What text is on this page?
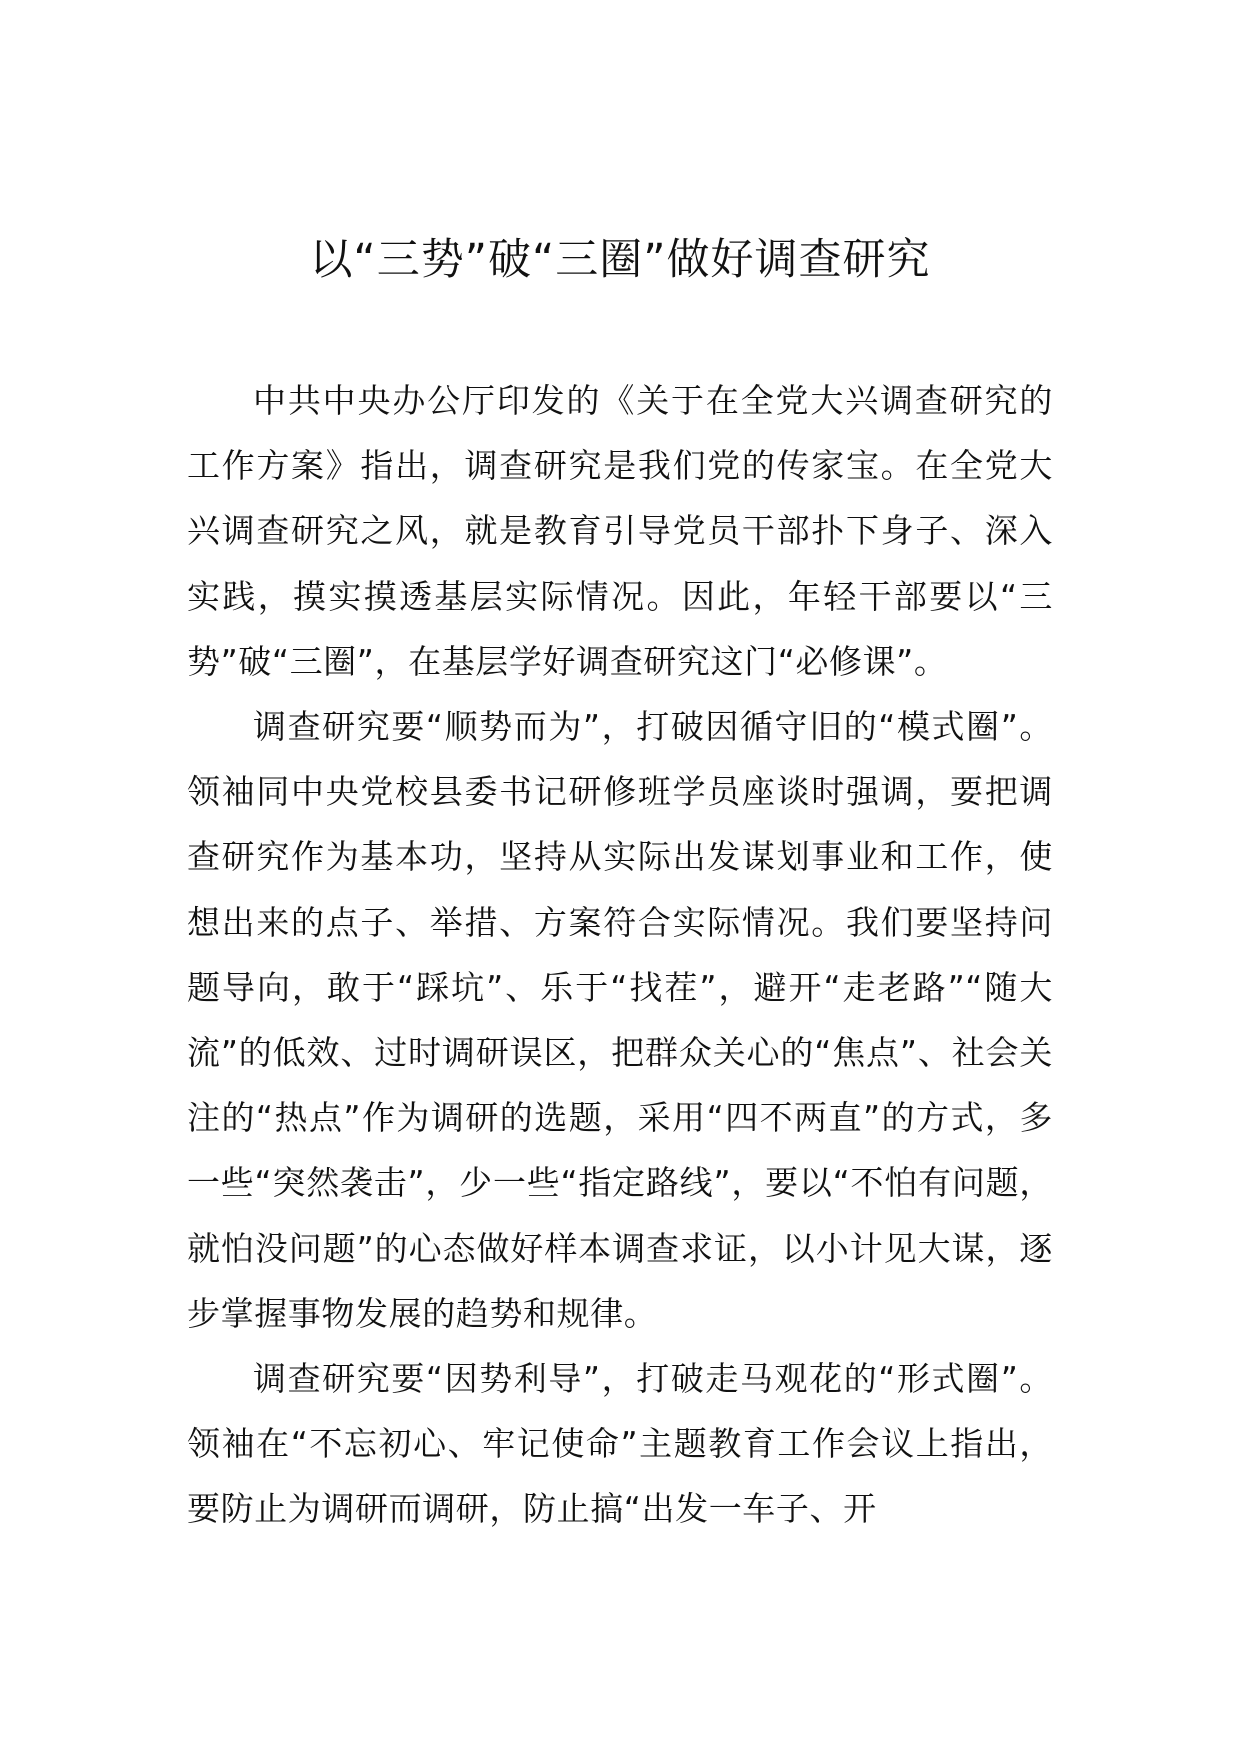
以“三势”破“三圈”做好调查研究

中共中央办公厅印发的《关于在全党大兴调查研究的工作方案》指出，调查研究是我们党的传家宝。在全党大兴调查研究之风，就是教育引导党员干部扑下身子、深入实践，摸实摸透基层实际情况。因此，年轻干部要以“三势”破“三圈”，在基层学好调查研究这门“必修课”。

调查研究要“顺势而为”，打破因循守旧的“模式圈”。领袖同中央党校县委书记研修班学员座谈时强调，要把调查研究作为基本功，坚持从实际出发谋划事业和工作，使想出来的点子、举措、方案符合实际情况。我们要坚持问题导向，敢于“踩坑”、乐于“找茬”，避开“走老路”“随大流”的低效、过时调研误区，把群众关心的“焦点”、社会关注的“热点”作为调研的选题，采用“四不两直”的方式，多一些“突然袭击”，少一些“指定路线”，要以“不怕有问题，就怕没问题”的心态做好样本调查求证，以小计见大谋，逐步掌握事物发展的趋势和规律。

调查研究要“因势利导”，打破走马观花的“形式圈”。领袖在“不忘初心、牢记使命”主题教育工作会议上指出，要防止为调研而调研，防止搞“出发一车子、开
